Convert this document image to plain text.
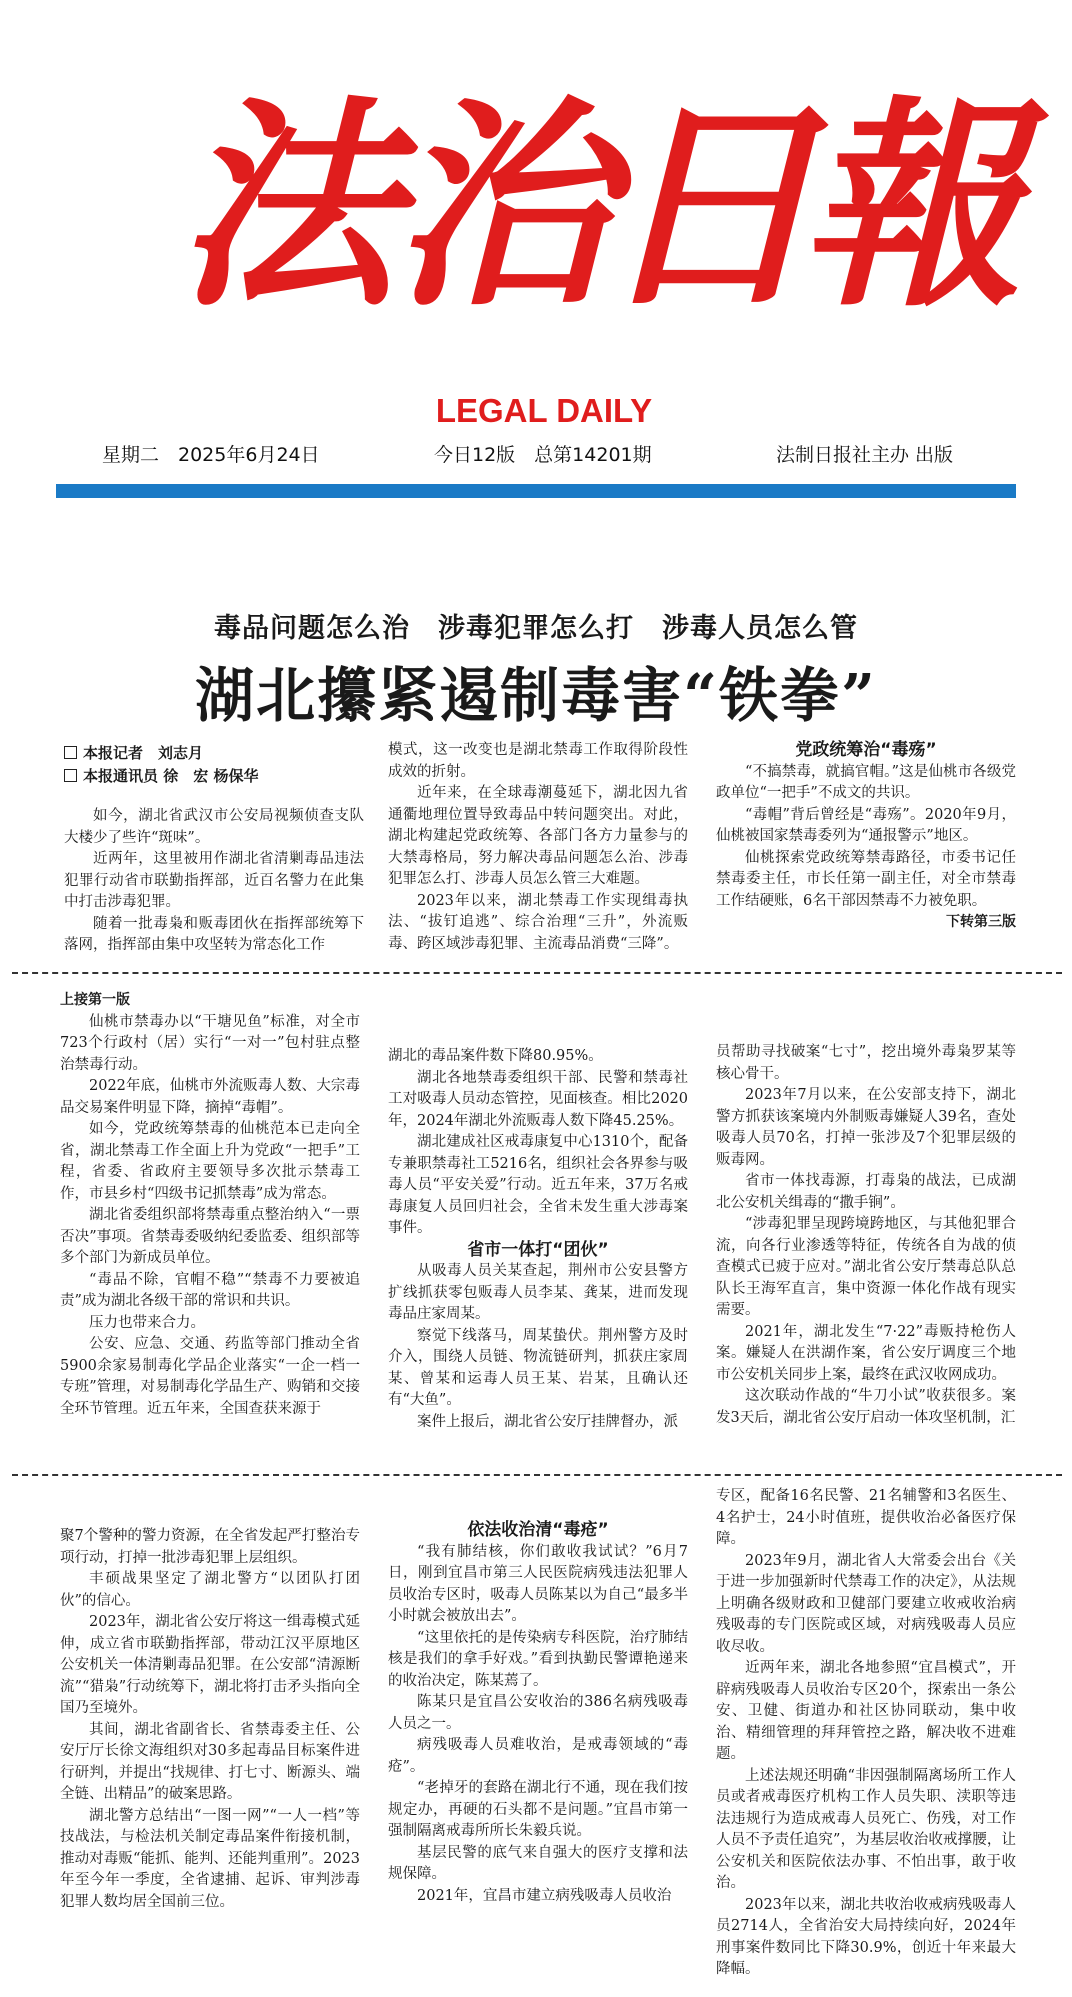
法
治
日
報
LEGAL DAILY
星期二　2025年6月24日	今日12版　总第14201期	法制日报社主办 出版
毒品问题怎么治　涉毒犯罪怎么打　涉毒人员怎么管
湖北攥紧遏制毒害“铁拳”
本报记者　刘志月
本报通讯员 徐　宏 杨保华

如今，湖北省武汉市公安局视频侦查支队大楼少了些许“斑味”。

近两年，这里被用作湖北省清剿毒品违法犯罪行动省市联勤指挥部，近百名警力在此集中打击涉毒犯罪。

随着一批毒枭和贩毒团伙在指挥部统筹下落网，指挥部由集中攻坚转为常态化工作

模式，这一改变也是湖北禁毒工作取得阶段性成效的折射。

近年来，在全球毒潮蔓延下，湖北因九省通衢地理位置导致毒品中转问题突出。对此，湖北构建起党政统筹、各部门各方力量参与的大禁毒格局，努力解决毒品问题怎么治、涉毒犯罪怎么打、涉毒人员怎么管三大难题。

2023年以来，湖北禁毒工作实现缉毒执法、“拔钉追逃”、综合治理“三升”，外流贩毒、跨区域涉毒犯罪、主流毒品消费“三降”。

党政统筹治“毒殇”

“不搞禁毒，就搞官帽。”这是仙桃市各级党政单位“一把手”不成文的共识。

“毒帽”背后曾经是“毒殇”。2020年9月，仙桃被国家禁毒委列为“通报警示”地区。

仙桃探索党政统筹禁毒路径，市委书记任禁毒委主任，市长任第一副主任，对全市禁毒工作结硬账，6名干部因禁毒不力被免职。

下转第三版

上接第一版

仙桃市禁毒办以“干塘见鱼”标准，对全市723个行政村（居）实行“一对一”包村驻点整治禁毒行动。

2022年底，仙桃市外流贩毒人数、大宗毒品交易案件明显下降，摘掉“毒帽”。

如今，党政统筹禁毒的仙桃范本已走向全省，湖北禁毒工作全面上升为党政“一把手”工程，省委、省政府主要领导多次批示禁毒工作，市县乡村“四级书记抓禁毒”成为常态。

湖北省委组织部将禁毒重点整治纳入“一票否决”事项。省禁毒委吸纳纪委监委、组织部等多个部门为新成员单位。

“毒品不除，官帽不稳”“禁毒不力要被追责”成为湖北各级干部的常识和共识。

压力也带来合力。

公安、应急、交通、药监等部门推动全省5900余家易制毒化学品企业落实“一企一档一专班”管理，对易制毒化学品生产、购销和交接全环节管理。近五年来，全国查获来源于

湖北的毒品案件数下降80.95%。

湖北各地禁毒委组织干部、民警和禁毒社工对吸毒人员动态管控，见面核查。相比2020年，2024年湖北外流贩毒人数下降45.25%。

湖北建成社区戒毒康复中心1310个，配备专兼职禁毒社工5216名，组织社会各界参与吸毒人员“平安关爱”行动。近五年来，37万名戒毒康复人员回归社会，全省未发生重大涉毒案事件。

省市一体打“团伙”

从吸毒人员关某查起，荆州市公安县警方扩线抓获零包贩毒人员李某、龚某，进而发现毒品庄家周某。

察觉下线落马，周某蛰伏。荆州警方及时介入，围绕人员链、物流链研判，抓获庄家周某、曾某和运毒人员王某、岩某，且确认还有“大鱼”。

案件上报后，湖北省公安厅挂牌督办，派

员帮助寻找破案“七寸”，挖出境外毒枭罗某等核心骨干。

2023年7月以来，在公安部支持下，湖北警方抓获该案境内外制贩毒嫌疑人39名，查处吸毒人员70名，打掉一张涉及7个犯罪层级的贩毒网。

省市一体找毒源，打毒枭的战法，已成湖北公安机关缉毒的“撒手锏”。

“涉毒犯罪呈现跨境跨地区，与其他犯罪合流，向各行业渗透等特征，传统各自为战的侦查模式已疲于应对。”湖北省公安厅禁毒总队总队长王海军直言，集中资源一体化作战有现实需要。

2021年，湖北发生“7·22”毒贩持枪伤人案。嫌疑人在洪湖作案，省公安厅调度三个地市公安机关同步上案，最终在武汉收网成功。

这次联动作战的“牛刀小试”收获很多。案发3天后，湖北省公安厅启动一体攻坚机制，汇

聚7个警种的警力资源，在全省发起严打整治专项行动，打掉一批涉毒犯罪上层组织。

丰硕战果坚定了湖北警方“以团队打团伙”的信心。

2023年，湖北省公安厅将这一缉毒模式延伸，成立省市联勤指挥部，带动江汉平原地区公安机关一体清剿毒品犯罪。在公安部“清源断流”“猎枭”行动统筹下，湖北将打击矛头指向全国乃至境外。

其间，湖北省副省长、省禁毒委主任、公安厅厅长徐文海组织对30多起毒品目标案件进行研判，并提出“找规律、打七寸、断源头、端全链、出精品”的破案思路。

湖北警方总结出“一图一网”“一人一档”等技战法，与检法机关制定毒品案件衔接机制，推动对毒贩“能抓、能判、还能判重刑”。2023年至今年一季度，全省逮捕、起诉、审判涉毒犯罪人数均居全国前三位。

依法收治清“毒疮”

“我有肺结核，你们敢收我试试？”6月7日，刚到宜昌市第三人民医院病残违法犯罪人员收治专区时，吸毒人员陈某以为自己“最多半小时就会被放出去”。

“这里依托的是传染病专科医院，治疗肺结核是我们的拿手好戏。”看到执勤民警谭艳递来的收治决定，陈某蔫了。

陈某只是宜昌公安收治的386名病残吸毒人员之一。

病残吸毒人员难收治，是戒毒领域的“毒疮”。

“老掉牙的套路在湖北行不通，现在我们按规定办，再硬的石头都不是问题。”宜昌市第一强制隔离戒毒所所长朱毅兵说。

基层民警的底气来自强大的医疗支撑和法规保障。

2021年，宜昌市建立病残吸毒人员收治

专区，配备16名民警、21名辅警和3名医生、4名护士，24小时值班，提供收治必备医疗保障。

2023年9月，湖北省人大常委会出台《关于进一步加强新时代禁毒工作的决定》，从法规上明确各级财政和卫健部门要建立收戒收治病残吸毒的专门医院或区域，对病残吸毒人员应收尽收。

近两年来，湖北各地参照“宜昌模式”，开辟病残吸毒人员收治专区20个，探索出一条公安、卫健、街道办和社区协同联动，集中收治、精细管理的拜拜管控之路，解决收不进难题。

上述法规还明确“非因强制隔离场所工作人员或者戒毒医疗机构工作人员失职、渎职等违法违规行为造成戒毒人员死亡、伤残，对工作人员不予责任追究”，为基层收治收戒撑腰，让公安机关和医院依法办事、不怕出事，敢于收治。

2023年以来，湖北共收治收戒病残吸毒人员2714人，全省治安大局持续向好，2024年刑事案件数同比下降30.9%，创近十年来最大降幅。
